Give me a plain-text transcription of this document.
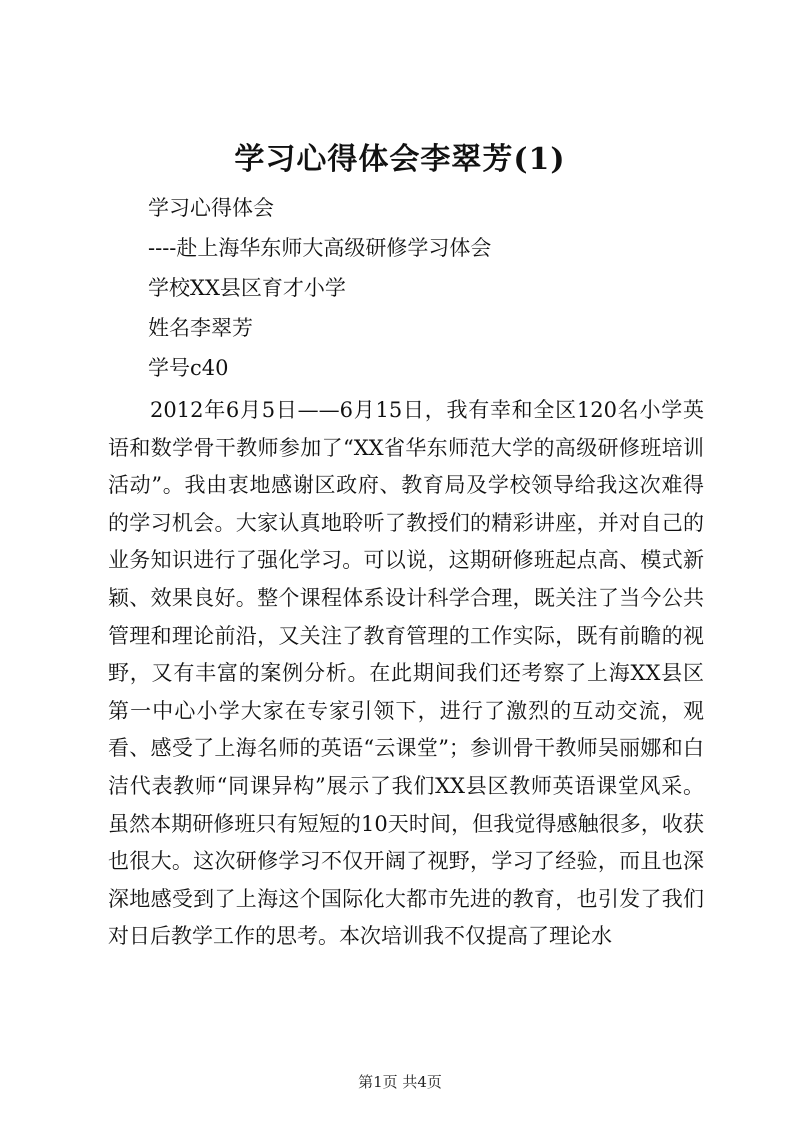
学习心得体会李翠芳(1)
学习心得体会
----赴上海华东师大高级研修学习体会
学校XX县区育才小学
姓名李翠芳
学号c40

2012年6月5日——6月15日，我有幸和全区120名小学英语和数学骨干教师参加了“XX省华东师范大学的高级研修班培训活动”。我由衷地感谢区政府、教育局及学校领导给我这次难得的学习机会。大家认真地聆听了教授们的精彩讲座，并对自己的业务知识进行了强化学习。可以说，这期研修班起点高、模式新颖、效果良好。整个课程体系设计科学合理，既关注了当今公共管理和理论前沿，又关注了教育管理的工作实际，既有前瞻的视野，又有丰富的案例分析。在此期间我们还考察了上海XX县区第一中心小学大家在专家引领下，进行了激烈的互动交流，观看、感受了上海名师的英语“云课堂”；参训骨干教师吴丽娜和白洁代表教师“同课异构”展示了我们XX县区教师英语课堂风采。虽然本期研修班只有短短的10天时间，但我觉得感触很多，收获也很大。这次研修学习不仅开阔了视野，学习了经验，而且也深深地感受到了上海这个国际化大都市先进的教育，也引发了我们对日后教学工作的思考。本次培训我不仅提高了理论水

第1页 共4页
